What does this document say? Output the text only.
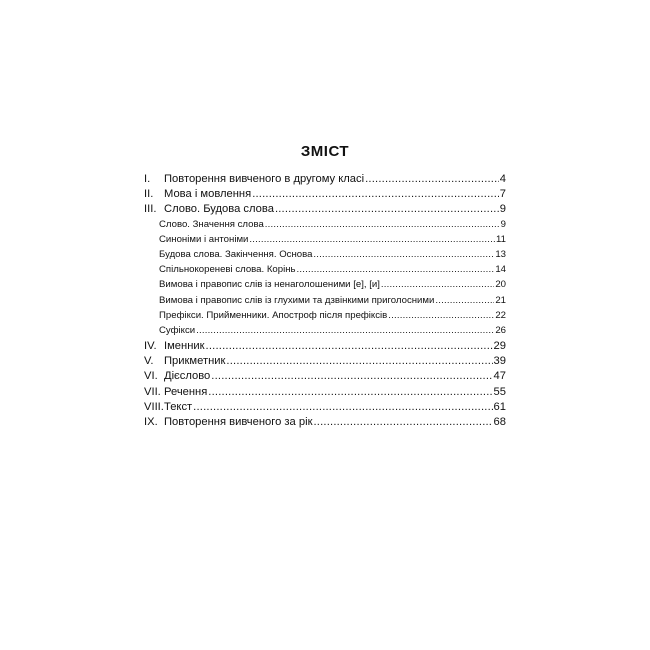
ЗМІСТ
I.	Повторення вивченого в другому класі .....	4
II. Мова і мовлення .....	7
III. Слово. Будова слова .....	9
Слово. Значення слова .....	9
Синоніми і антоніми .....	11
Будова слова. Закінчення. Основа .....	13
Спільнокореневі слова. Корінь .....	14
Вимова і правопис слів із ненаголошеними [е], [и] .....	20
Вимова і правопис слів із глухими та дзвінкими приголосними .....	21
Префікси. Прийменники. Апостроф після префіксів .....	22
Суфікси .....	26
IV. Іменник .....	29
V. Прикметник .....	39
VI. Дієслово .....	47
VII. Речення .....	55
VIII. Текст .....	61
IX. Повторення вивченого за рік .....	68
